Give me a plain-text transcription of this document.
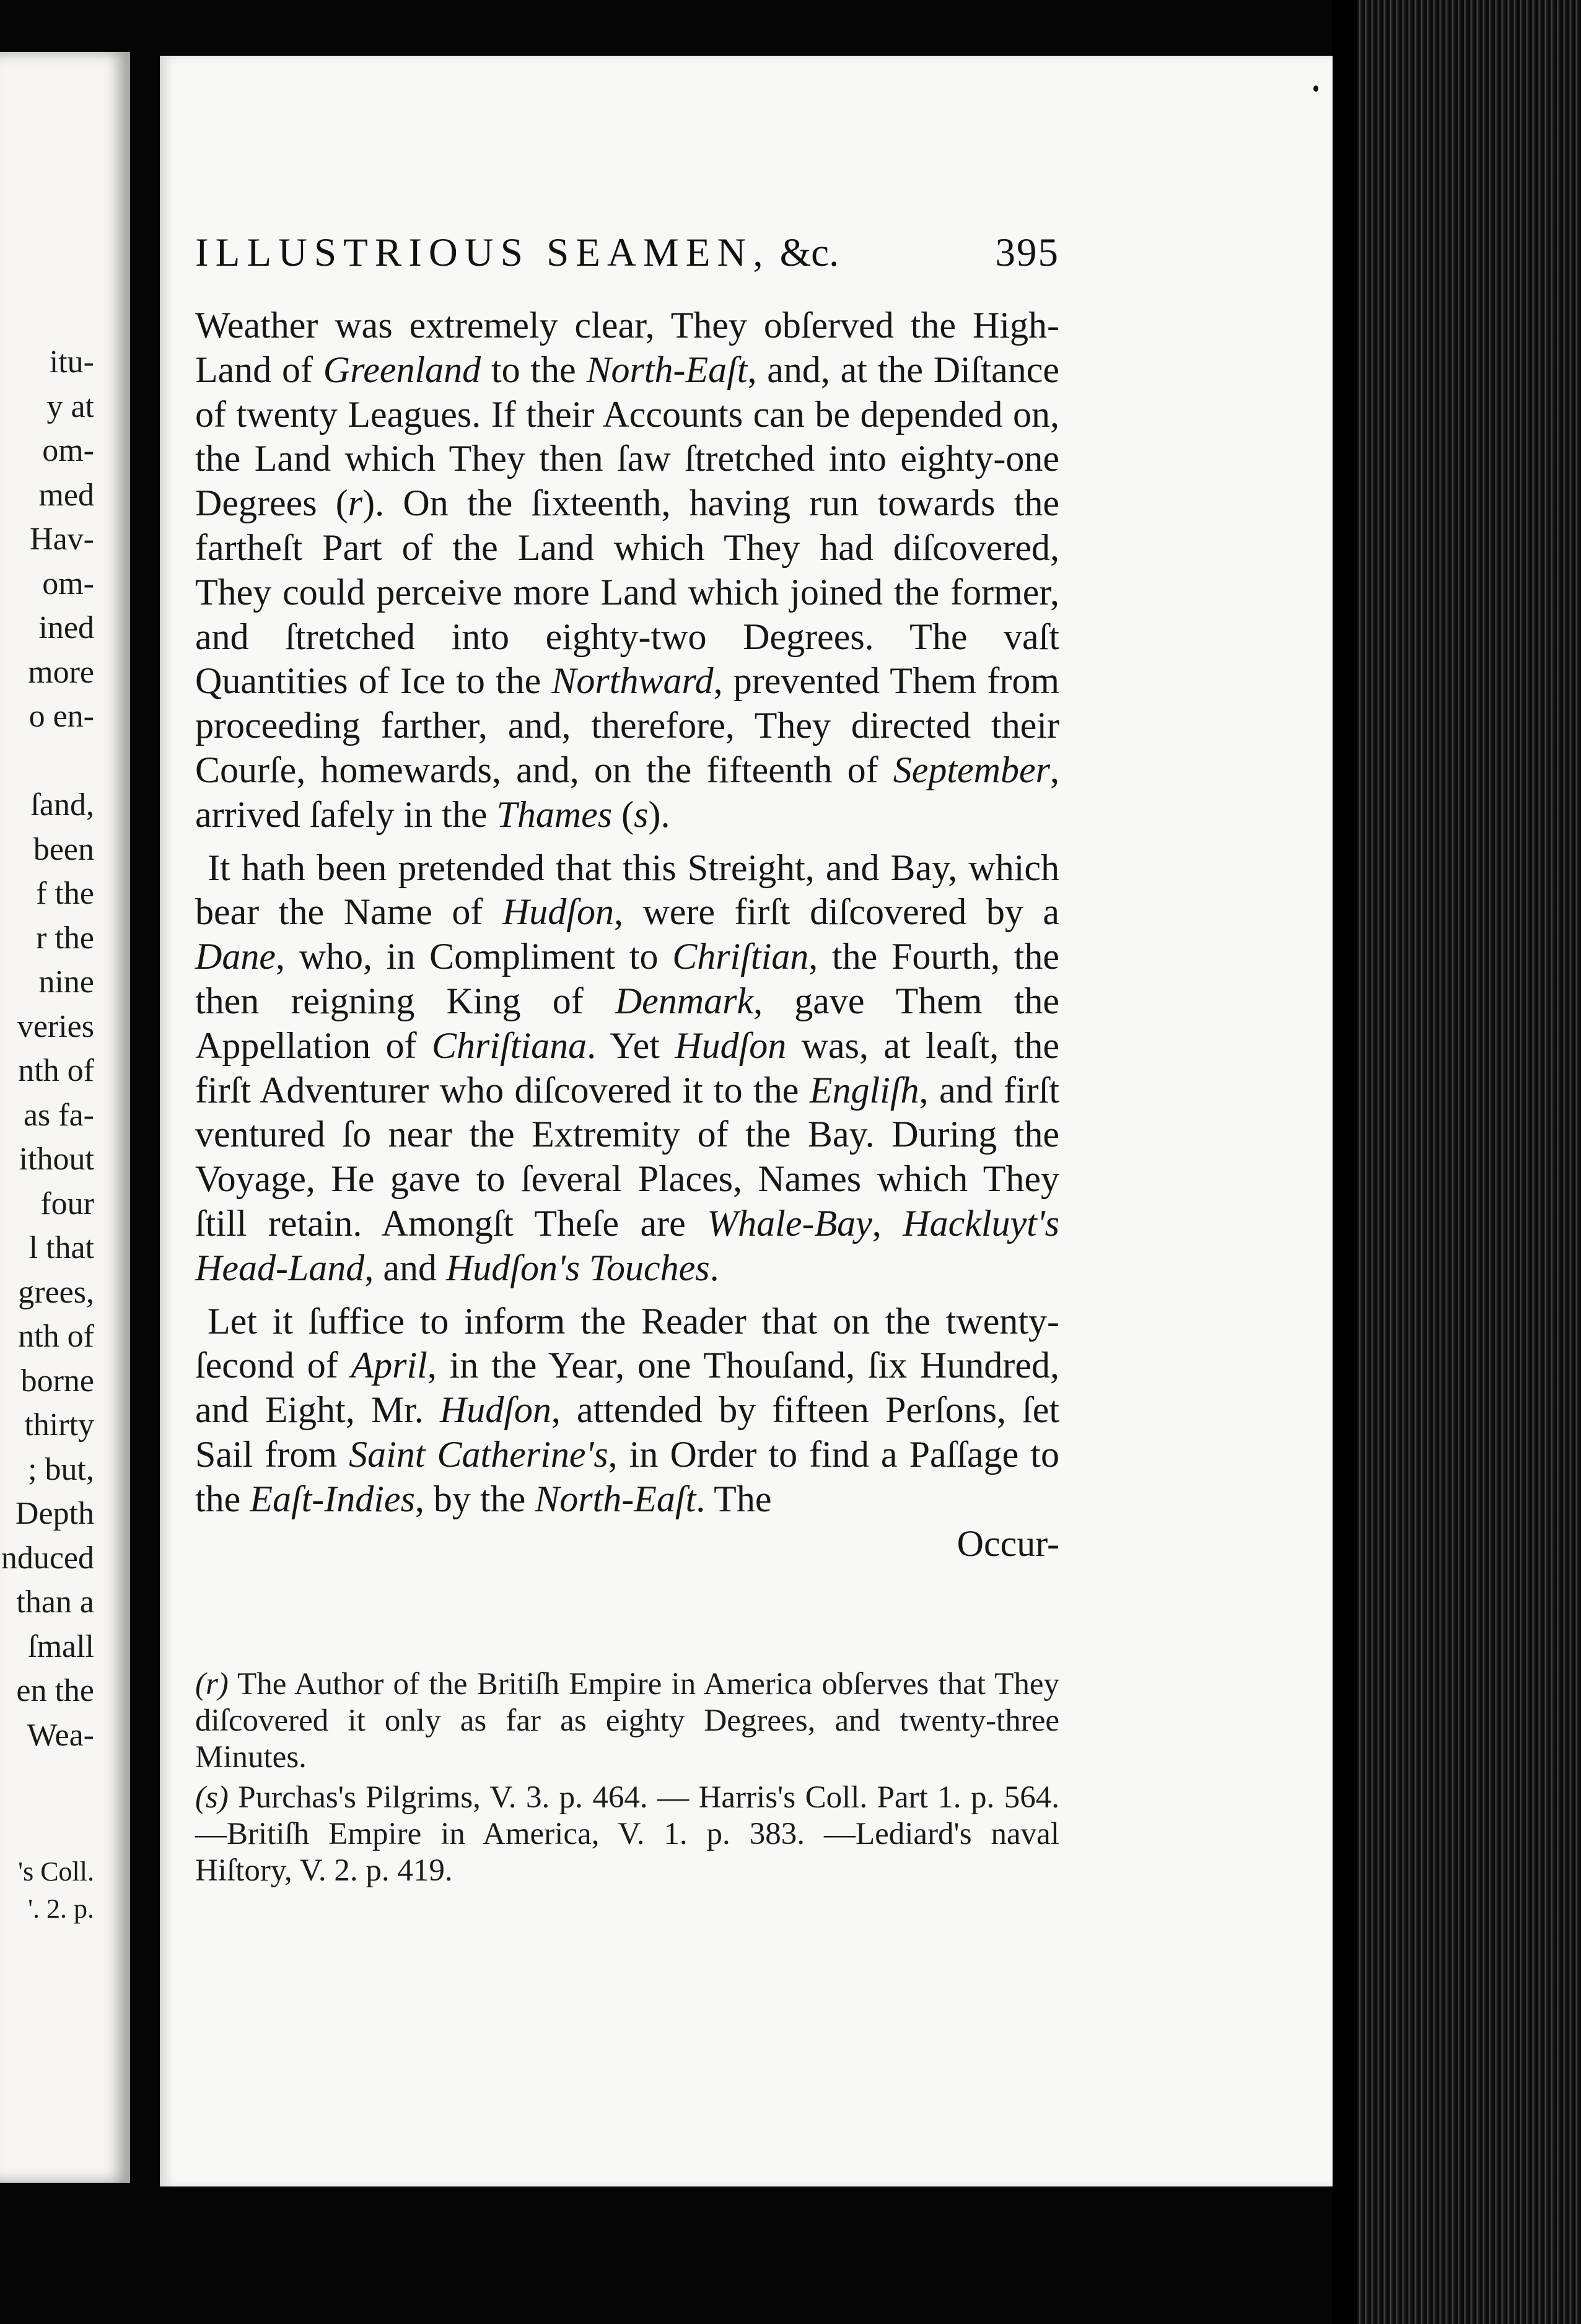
itu-
y at
om-
med
Hav-
om-
ined
more
o en-
ſand,
been
f the
r the
nine
veries
nth of
as fa-
ithout
four
l that
grees,
nth of
borne
thirty
; but,
Depth
nduced
than a
ſmall
en the
Wea-
's Coll.
'. 2. p.
ILLUSTRIOUS SEAMEN, &c.	395

Weather was extremely clear, They obſerved the High-Land of Greenland to the North-Eaſt, and, at the Diſtance of twenty Leagues. If their Accounts can be depended on, the Land which They then ſaw ſtretched into eighty-one Degrees (r). On the ſixteenth, having run towards the fartheſt Part of the Land which They had diſcovered, They could perceive more Land which joined the former, and ſtretched into eighty-two Degrees. The vaſt Quantities of Ice to the Northward, prevented Them from proceeding farther, and, therefore, They directed their Courſe, homewards, and, on the fifteenth of September, arrived ſafely in the Thames (s).

It hath been pretended that this Streight, and Bay, which bear the Name of Hudſon, were firſt diſcovered by a Dane, who, in Compliment to Chriſtian, the Fourth, the then reigning King of Denmark, gave Them the Appellation of Chriſtiana. Yet Hudſon was, at leaſt, the firſt Adventurer who diſcovered it to the Engliſh, and firſt ventured ſo near the Extremity of the Bay. During the Voyage, He gave to ſeveral Places, Names which They ſtill retain. Amongſt Theſe are Whale-Bay, Hackluyt's Head-Land, and Hudſon's Touches.

Let it ſuffice to inform the Reader that on the twenty-ſecond of April, in the Year, one Thouſand, ſix Hundred, and Eight, Mr. Hudſon, attended by fifteen Perſons, ſet Sail from Saint Catherine's, in Order to find a Paſſage to the Eaſt-Indies, by the North-Eaſt. The

Occur-

(r) The Author of the Britiſh Empire in America obſerves that They diſcovered it only as far as eighty Degrees, and twenty-three Minutes.

(s) Purchas's Pilgrims, V. 3. p. 464. — Harris's Coll. Part 1. p. 564.—Britiſh Empire in America, V. 1. p. 383. —Lediard's naval Hiſtory, V. 2. p. 419.
